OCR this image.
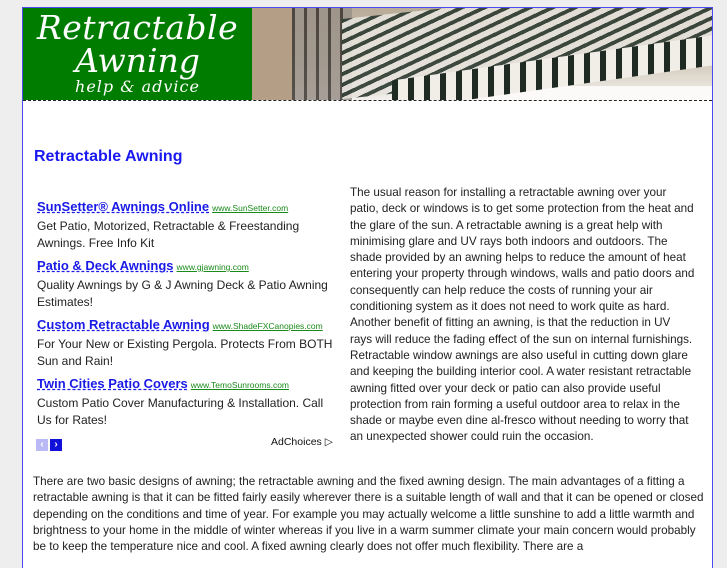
Retractable
Awning
help & advice
Retractable Awning
SunSetter® Awnings Online www.SunSetter.com
Get Patio, Motorized, Retractable & Freestanding Awnings. Free Info Kit
Patio & Deck Awnings www.gjawning.com
Quality Awnings by G & J Awning Deck & Patio Awning Estimates!
Custom Retractable Awning www.ShadeFXCanopies.com
For Your New or Existing Pergola. Protects From BOTH Sun and Rain!
Twin Cities Patio Covers www.TemoSunrooms.com
Custom Patio Cover Manufacturing & Installation. Call Us for Rates!
‹ ›	AdChoices ▷

The usual reason for installing a retractable awning over your patio, deck or windows is to get some protection from the heat and the glare of the sun. A retractable awning is a great help with minimising glare and UV rays both indoors and outdoors. The shade provided by an awning helps to reduce the amount of heat entering your property through windows, walls and patio doors and consequently can help reduce the costs of running your air conditioning system as it does not need to work quite as hard. Another benefit of fitting an awning, is that the reduction in UV rays will reduce the fading effect of the sun on internal furnishings. Retractable window awnings are also useful in cutting down glare and keeping the building interior cool. A water resistant retractable awning fitted over your deck or patio can also provide useful protection from rain forming a useful outdoor area to relax in the shade or maybe even dine al-fresco without needing to worry that an unexpected shower could ruin the occasion.

There are two basic designs of awning; the retractable awning and the fixed awning design. The main advantages of a fitting a retractable awning is that it can be fitted fairly easily wherever there is a suitable length of wall and that it can be opened or closed depending on the conditions and time of year. For example you may actually welcome a little sunshine to add a little warmth and brightness to your home in the middle of winter whereas if you live in a warm summer climate your main concern would probably be to keep the temperature nice and cool. A fixed awning clearly does not offer much flexibility. There are a
